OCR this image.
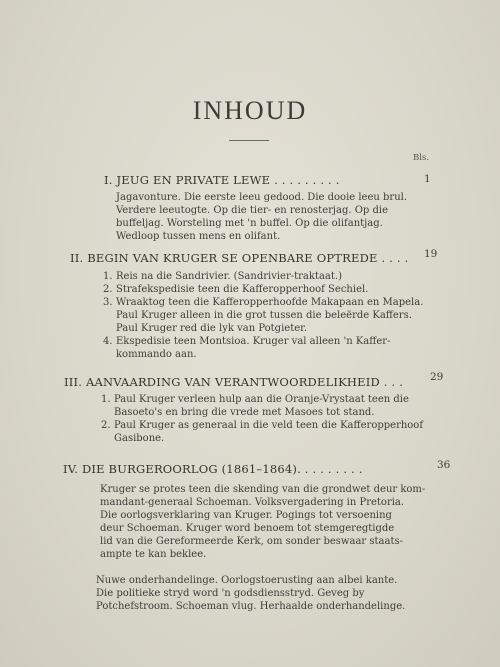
INHOUD
Bls.
I. JEUG EN PRIVATE LEWE . . . . . . . . .	1
Jagavonture. Die eerste leeu gedood. Die dooie leeu brul.
Verdere leeutogte. Op die tier- en renosterjag. Op die
buffeljag. Worsteling met 'n buffel. Op die olifantjag.
Wedloop tussen mens en olifant.
II. BEGIN VAN KRUGER SE OPENBARE OPTREDE . . . . 19
1. Reis na die Sandrivier. (Sandrivier-traktaat.)
2. Strafekspedisie teen die Kafferopperhoof Sechiel.
3. Wraaktog teen die Kafferopperhoofde Makapaan en Mapela.
Paul Kruger alleen in die grot tussen die beleërde Kaffers.
Paul Kruger red die lyk van Potgieter.
4. Ekspedisie teen Montsioa. Kruger val alleen 'n Kaffer-
kommando aan.
III. AANVAARDING VAN VERANTWOORDELIKHEID . . .	29
1. Paul Kruger verleen hulp aan die Oranje-Vrystaat teen die
Basoeto's en bring die vrede met Masoes tot stand.
2. Paul Kruger as generaal in die veld teen die Kafferopperhoof
Gasibone.
IV. DIE BURGEROORLOG (1861–1864). . . . . . . . .	36
Kruger se protes teen die skending van die grondwet deur kom-
mandant-generaal Schoeman. Volksvergadering in Pretoria.
Die oorlogsverklaring van Kruger. Pogings tot versoening
deur Schoeman. Kruger word benoem tot stemgeregtigde
lid van die Gereformeerde Kerk, om sonder beswaar staats-
ampte te kan beklee.
Nuwe onderhandelinge. Oorlogstoerusting aan albei kante.
Die politieke stryd word 'n godsdiensstryd. Geveg by
Potchefstroom. Schoeman vlug. Herhaalde onderhandelinge.
